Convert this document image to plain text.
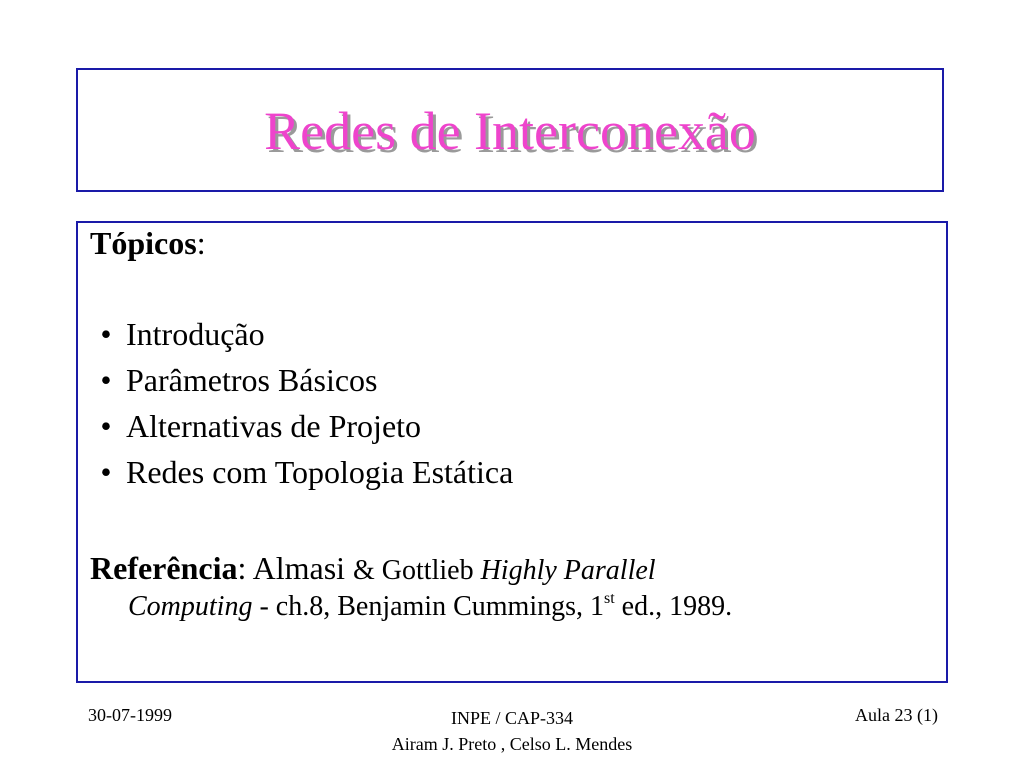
Redes de Interconexão

Tópicos:

• Introdução
• Parâmetros Básicos
• Alternativas de Projeto
• Redes com Topologia Estática
Referência: Almasi & Gottlieb Highly Parallel
Computing - ch.8, Benjamin Cummings, 1st ed., 1989.
30-07-1999	INPE / CAP-334
Airam J. Preto , Celso L. Mendes
Aula 23 (1)
